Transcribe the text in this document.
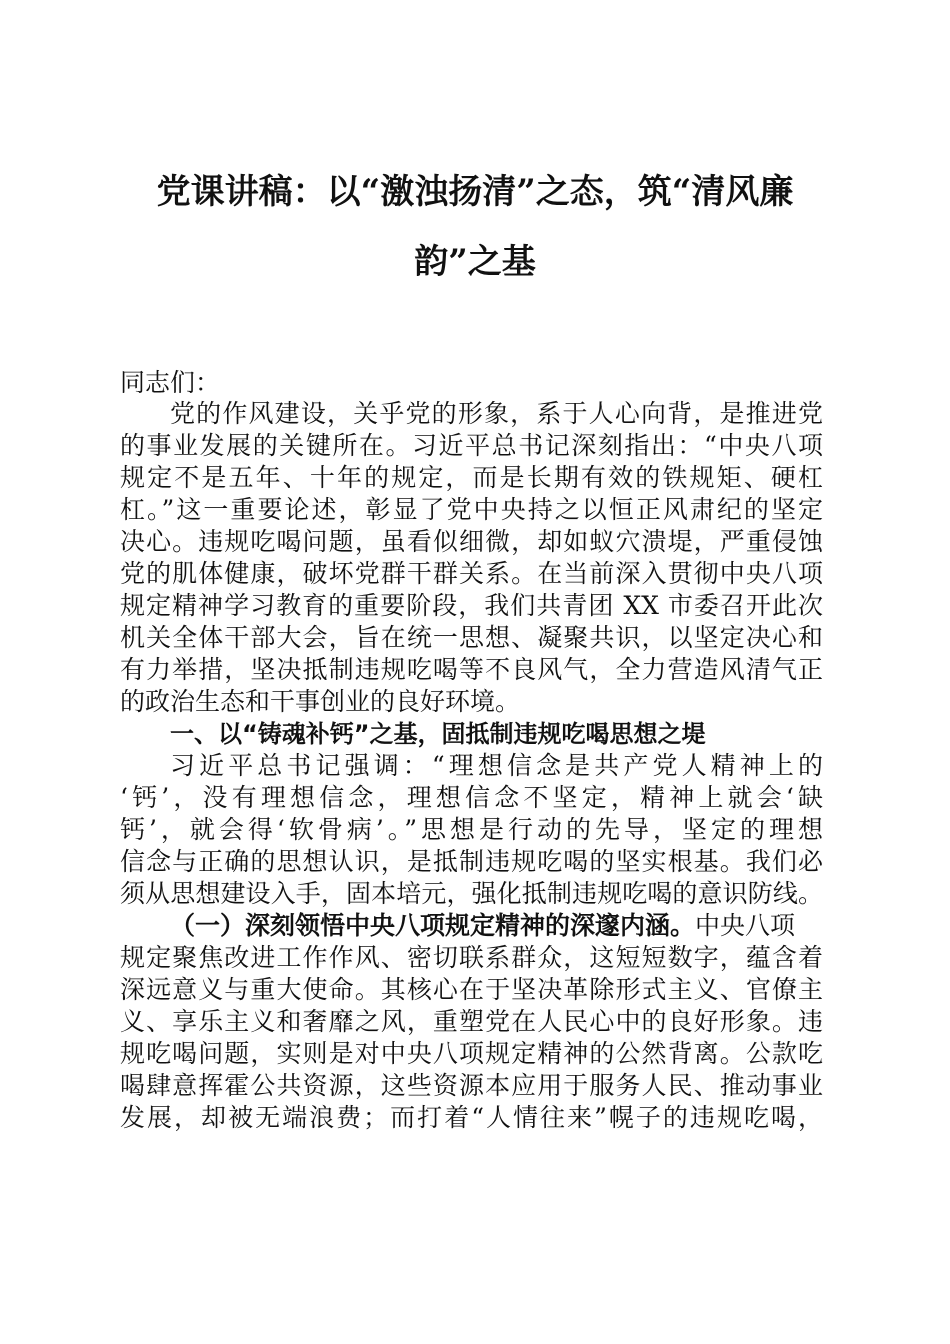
党课讲稿：以“激浊扬清”之态，筑“清风廉
韵”之基
同志们：
党的作风建设，关乎党的形象，系于人心向背，是推进党
的事业发展的关键所在。习近平总书记深刻指出：“中央八项
规定不是五年、十年的规定，而是长期有效的铁规矩、硬杠
杠。”这一重要论述，彰显了党中央持之以恒正风肃纪的坚定
决心。违规吃喝问题，虽看似细微，却如蚁穴溃堤，严重侵蚀
党的肌体健康，破坏党群干群关系。在当前深入贯彻中央八项
规定精神学习教育的重要阶段，我们共青团 XX 市委召开此次
机关全体干部大会，旨在统一思想、凝聚共识，以坚定决心和
有力举措，坚决抵制违规吃喝等不良风气，全力营造风清气正
的政治生态和干事创业的良好环境。
一、以“铸魂补钙”之基，固抵制违规吃喝思想之堤
习近平总书记强调：“理想信念是共产党人精神上的
‘钙’，没有理想信念，理想信念不坚定，精神上就会‘缺
钙’，就会得‘软骨病’。”思想是行动的先导，坚定的理想
信念与正确的思想认识，是抵制违规吃喝的坚实根基。我们必
须从思想建设入手，固本培元，强化抵制违规吃喝的意识防线。
（一）深刻领悟中央八项规定精神的深邃内涵。中央八项
规定聚焦改进工作作风、密切联系群众，这短短数字，蕴含着
深远意义与重大使命。其核心在于坚决革除形式主义、官僚主
义、享乐主义和奢靡之风，重塑党在人民心中的良好形象。违
规吃喝问题，实则是对中央八项规定精神的公然背离。公款吃
喝肆意挥霍公共资源，这些资源本应用于服务人民、推动事业
发展，却被无端浪费；而打着“人情往来”幌子的违规吃喝，
